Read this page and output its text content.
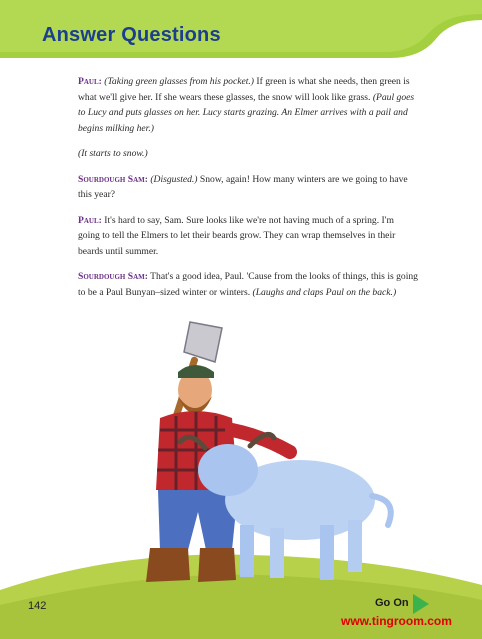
Answer Questions

Paul: (Taking green glasses from his pocket.) If green is what she needs, then green is what we'll give her. If she wears these glasses, the snow will look like grass. (Paul goes to Lucy and puts glasses on her. Lucy starts grazing. An Elmer arrives with a pail and begins milking her.)

(It starts to snow.)

Sourdough Sam: (Disgusted.) Snow, again! How many winters are we going to have this year?

Paul: It's hard to say, Sam. Sure looks like we're not having much of a spring. I'm going to tell the Elmers to let their beards grow. They can wrap themselves in their beards until summer.

Sourdough Sam: That's a good idea, Paul. 'Cause from the looks of things, this is going to be a Paul Bunyan–sized winter or winters. (Laughs and claps Paul on the back.)

142	Go On
www.tingroom.com
